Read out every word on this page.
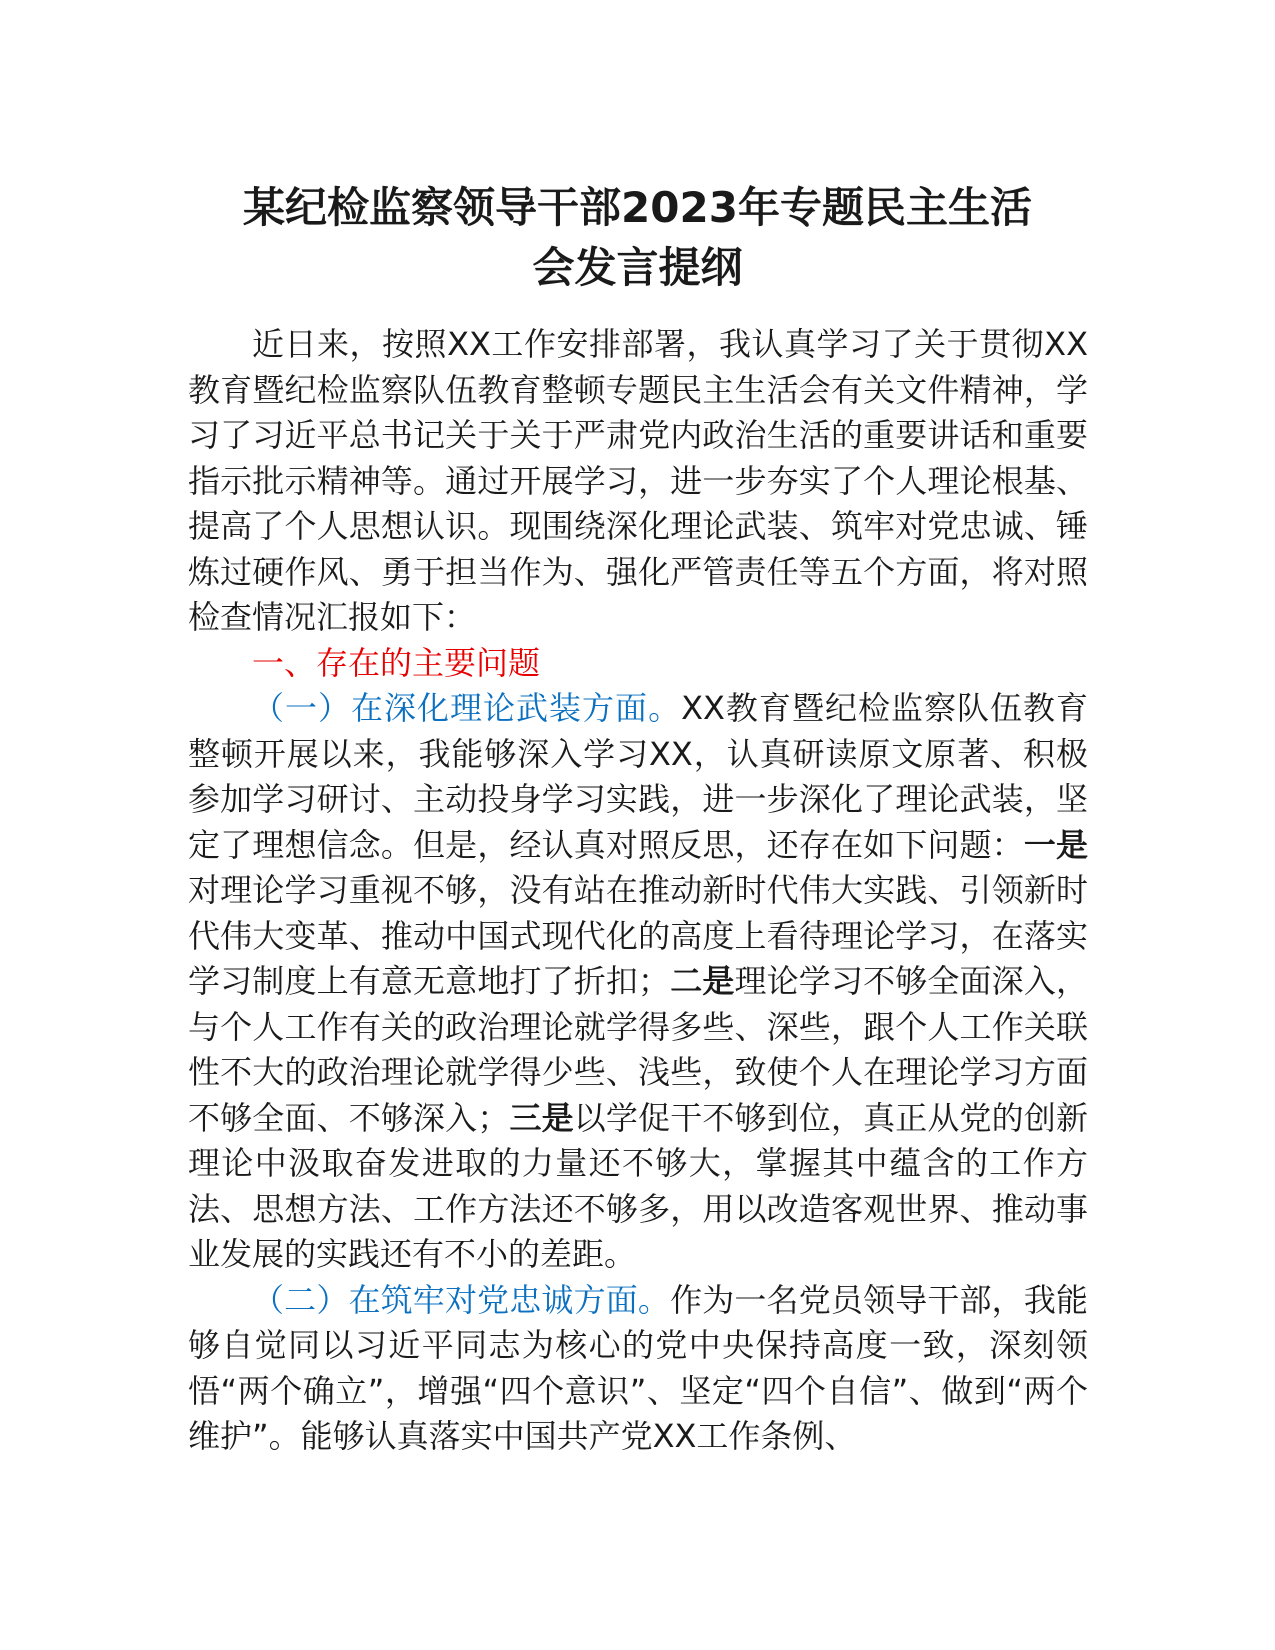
某纪检监察领导干部2023年专题民主生活
会发言提纲

近日来，按照XX工作安排部署，我认真学习了关于贯彻XX教育暨纪检监察队伍教育整顿专题民主生活会有关文件精神，学习了习近平总书记关于关于严肃党内政治生活的重要讲话和重要指示批示精神等。通过开展学习，进一步夯实了个人理论根基、提高了个人思想认识。现围绕深化理论武装、筑牢对党忠诚、锤炼过硬作风、勇于担当作为、强化严管责任等五个方面，将对照检查情况汇报如下：

一、存在的主要问题

（一）在深化理论武装方面。XX教育暨纪检监察队伍教育整顿开展以来，我能够深入学习XX，认真研读原文原著、积极参加学习研讨、主动投身学习实践，进一步深化了理论武装，坚定了理想信念。但是，经认真对照反思，还存在如下问题：一是对理论学习重视不够，没有站在推动新时代伟大实践、引领新时代伟大变革、推动中国式现代化的高度上看待理论学习，在落实学习制度上有意无意地打了折扣；二是理论学习不够全面深入，与个人工作有关的政治理论就学得多些、深些，跟个人工作关联性不大的政治理论就学得少些、浅些，致使个人在理论学习方面不够全面、不够深入；三是以学促干不够到位，真正从党的创新理论中汲取奋发进取的力量还不够大，掌握其中蕴含的工作方法、思想方法、工作方法还不够多，用以改造客观世界、推动事业发展的实践还有不小的差距。

（二）在筑牢对党忠诚方面。作为一名党员领导干部，我能够自觉同以习近平同志为核心的党中央保持高度一致，深刻领悟“两个确立”，增强“四个意识”、坚定“四个自信”、做到“两个维护”。能够认真落实中国共产党XX工作条例、
